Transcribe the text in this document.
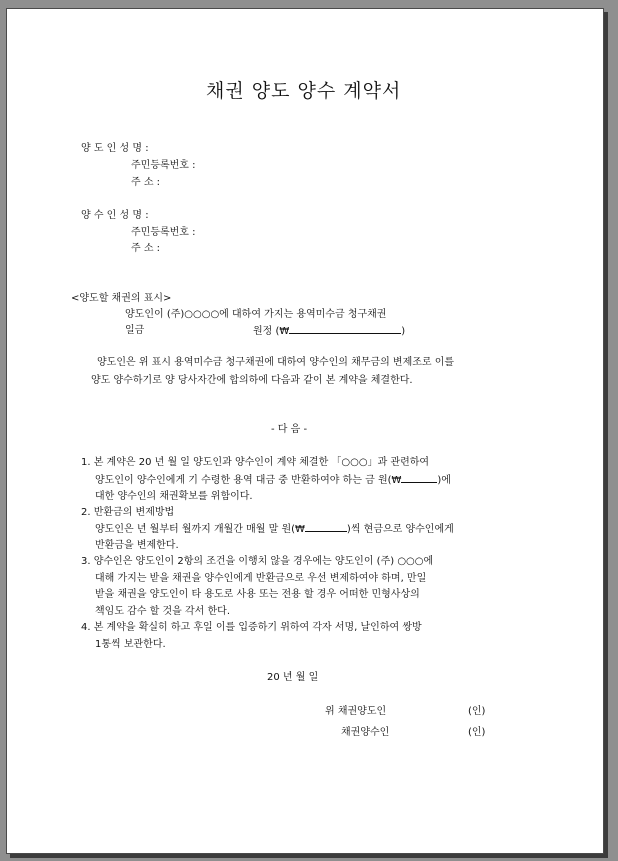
채권 양도 양수 계약서
양 도 인 성 명 :
주민등록번호 :
주 소 :
양 수 인 성 명 :
주민등록번호 :
주 소 :
<양도할 채권의 표시>
양도인이 (주)○○○○에 대하여 가지는 용역미수금 청구채권
일금	원정 (₩	)
양도인은 위 표시 용역미수금 청구채권에 대하여 양수인의 채무금의 변제조로 이를
양도 양수하기로 양 당사자간에 합의하에 다음과 같이 본 계약을 체결한다.
- 다 음 -
1. 본 계약은 20 년 월 일 양도인과 양수인이 계약 체결한 「○○○」과 관련하여
양도인이 양수인에게 기 수령한 용역 대금 중 반환하여야 하는 금 원(₩	)에
대한 양수인의 채권확보를 위함이다.
2. 반환금의 변제방법
양도인은 년 월부터 월까지 개월간 매월 말 원(₩	)씩 현금으로 양수인에게
반환금을 변제한다.
3. 양수인은 양도인이 2항의 조건을 이행치 않을 경우에는 양도인이 (주) ○○○에
대해 가지는 받을 채권을 양수인에게 반환금으로 우선 변제하여야 하며, 만일
받을 채권을 양도인이 타 용도로 사용 또는 전용 할 경우 어떠한 민형사상의
책임도 감수 할 것을 각서 한다.
4. 본 계약을 확실히 하고 후일 이를 입증하기 위하여 각자 서명, 날인하여 쌍방
1통씩 보관한다.
20 년 월 일
위 채권양도인	(인)
채권양수인	(인)
